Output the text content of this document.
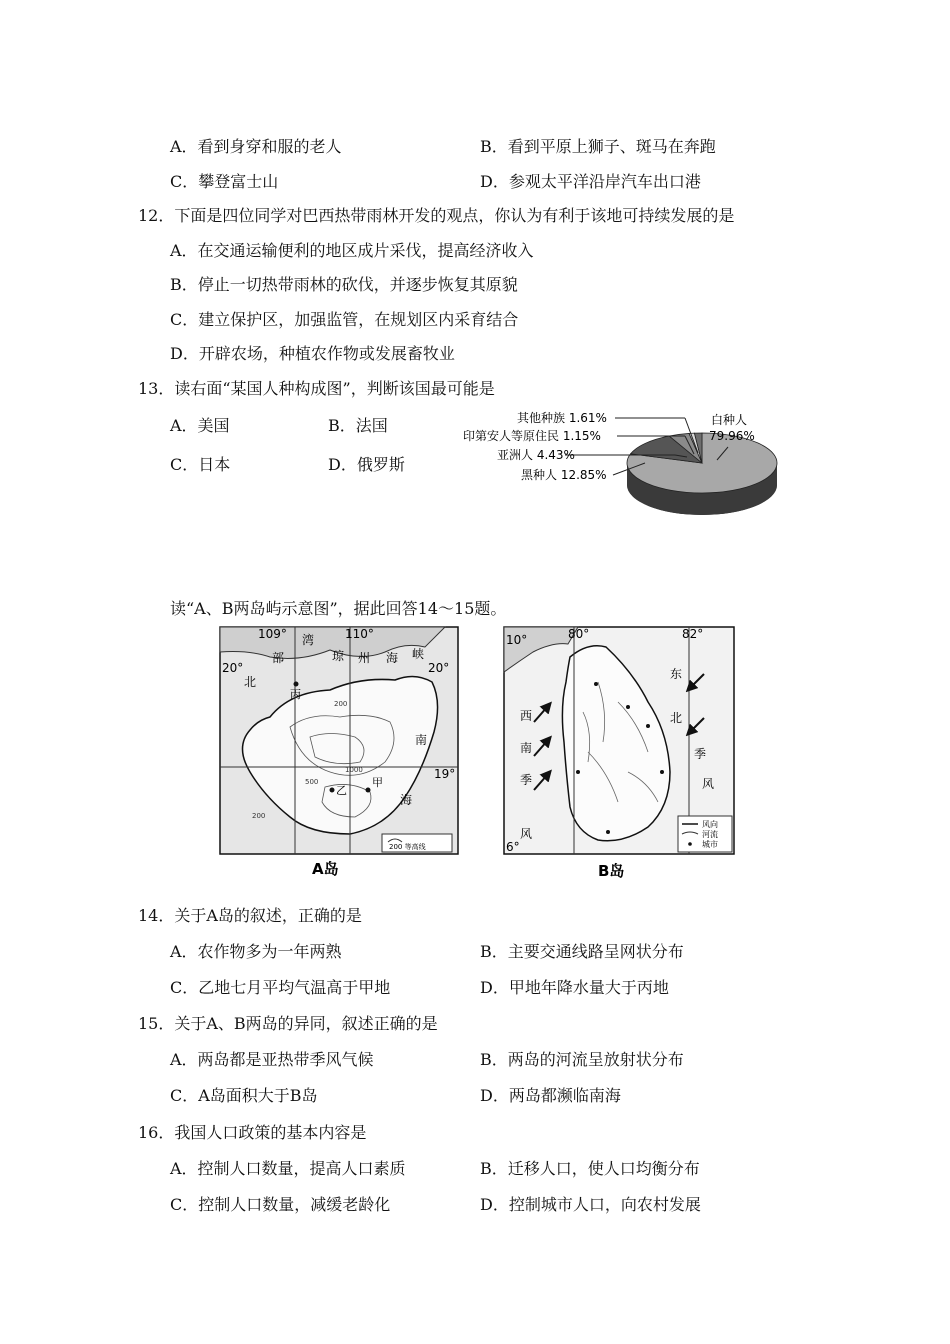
A．看到身穿和服的老人	B．看到平原上狮子、斑马在奔跑
C．攀登富士山	D．参观太平洋沿岸汽车出口港
12．下面是四位同学对巴西热带雨林开发的观点，你认为有利于该地可持续发展的是
A．在交通运输便利的地区成片采伐，提高经济收入
B．停止一切热带雨林的砍伐，并逐步恢复其原貌
C．建立保护区，加强监管，在规划区内采育结合
D．开辟农场，种植农作物或发展畜牧业
13．读右面“某国人种构成图”，判断该国最可能是
A．美国	B．法国
C．日本	D．俄罗斯
其他种族 1.61%
印第安人等原住民 1.15%
亚洲人 4.43%
黑种人 12.85%
白种人
79.96%
读“A、B两岛屿示意图”，据此回答14～15题。
109°	110°
20°	20°
19°
北
部
湾
琼 州 海 峡
南
海
丙
乙
甲
200
500
200
1000
200 等高线
A岛
10°	80°	82°
6°
西
南
季
风
东
北
季
风
风向
河流
城市
B岛
14．关于A岛的叙述，正确的是
A．农作物多为一年两熟	B．主要交通线路呈网状分布
C．乙地七月平均气温高于甲地	D．甲地年降水量大于丙地
15．关于A、B两岛的异同，叙述正确的是
A．两岛都是亚热带季风气候	B．两岛的河流呈放射状分布
C．A岛面积大于B岛	D．两岛都濒临南海
16．我国人口政策的基本内容是
A．控制人口数量，提高人口素质	B．迁移人口，使人口均衡分布
C．控制人口数量，减缓老龄化	D．控制城市人口，向农村发展
